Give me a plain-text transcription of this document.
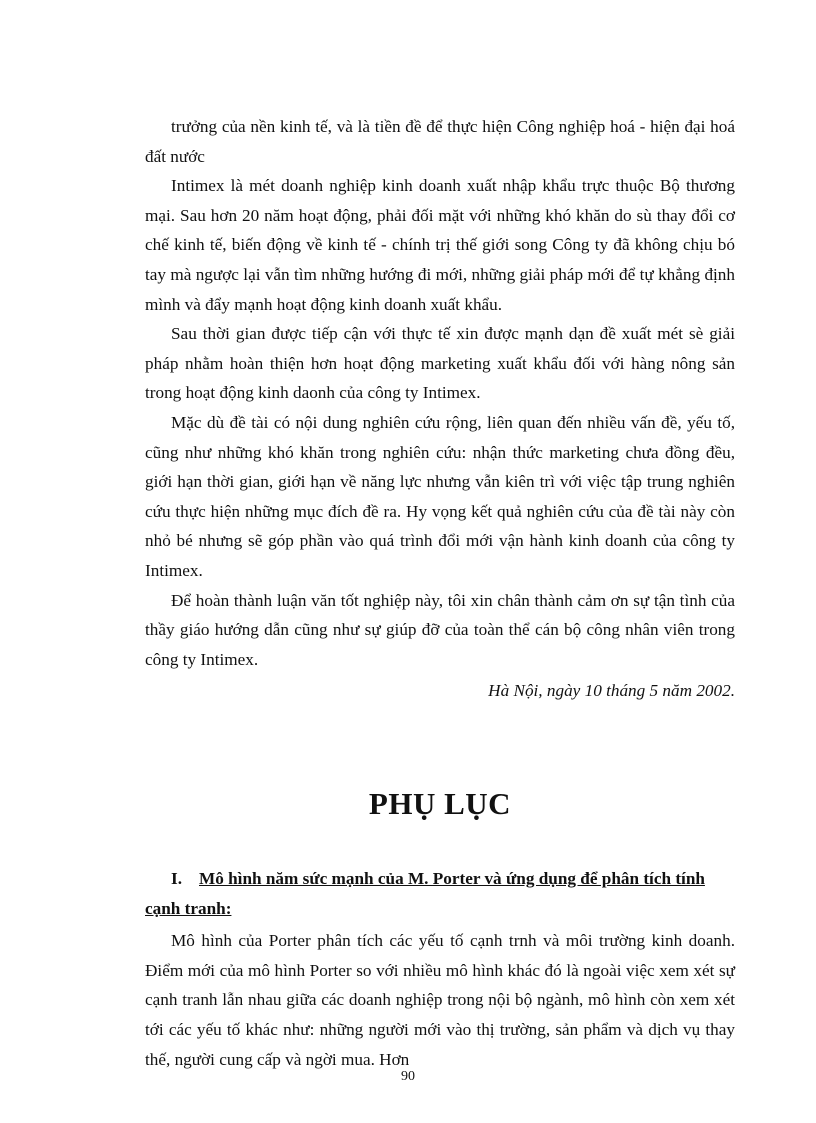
trưởng của nền kinh tế, và là tiền đề để thực hiện Công nghiệp hoá - hiện đại hoá đất nước

Intimex là mét doanh nghiệp kinh doanh xuất nhập khẩu trực thuộc Bộ thương mại. Sau hơn 20 năm hoạt động, phải đối mặt với những khó khăn do sù thay đổi cơ chế kinh tế, biến động về kinh tế - chính trị thế giới song Công ty đã không chịu bó tay mà ngược lại vẫn tìm những hướng đi mới, những giải pháp mới để tự khẳng định mình và đẩy mạnh hoạt động kinh doanh xuất khẩu.

Sau thời gian được tiếp cận với thực tế xin được mạnh dạn đề xuất mét sè giải pháp nhằm hoàn thiện hơn hoạt động marketing xuất khẩu đối với hàng nông sản trong hoạt động kinh daonh của công ty Intimex.

Mặc dù đề tài có nội dung nghiên cứu rộng, liên quan đến nhiều vấn đề, yếu tố, cũng như những khó khăn trong nghiên cứu: nhận thức marketing chưa đồng đều, giới hạn thời gian, giới hạn về năng lực nhưng vẫn kiên trì với việc tập trung nghiên cứu thực hiện những mục đích đề ra. Hy vọng kết quả nghiên cứu của đề tài này còn nhỏ bé nhưng sẽ góp phần vào quá trình đổi mới vận hành kinh doanh của công ty Intimex.

Để hoàn thành luận văn tốt nghiệp này, tôi xin chân thành cảm ơn sự tận tình của thầy giáo hướng dẫn cũng như sự giúp đỡ của toàn thể cán bộ công nhân viên trong công ty Intimex.

Hà Nội, ngày 10 tháng 5 năm 2002.

PHỤ LỤC

I. Mô hình năm sức mạnh của M. Porter và ứng dụng để phân tích tính cạnh tranh:

Mô hình của Porter phân tích các yếu tố cạnh trnh và môi trường kinh doanh. Điểm mới của mô hình Porter so với nhiều mô hình khác đó là ngoài việc xem xét sự cạnh tranh lẫn nhau giữa các doanh nghiệp trong nội bộ ngành, mô hình còn xem xét tới các yếu tố khác như: những người mới vào thị trường, sản phẩm và dịch vụ thay thế, người cung cấp và ngời mua. Hơn

90
